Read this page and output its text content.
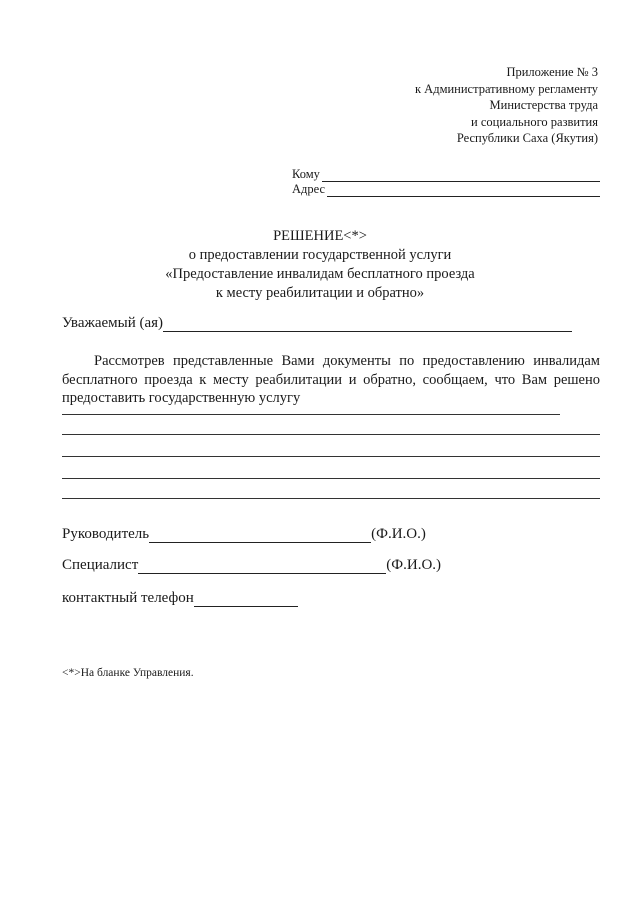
Приложение № 3
к Административному регламенту
Министерства труда
и социального развития
Республики Саха (Якутия)
Кому
Адрес
РЕШЕНИЕ<*>
о предоставлении государственной услуги
«Предоставление инвалидам бесплатного проезда
к месту реабилитации и обратно»
Уважаемый (ая)
Рассмотрев представленные Вами документы по предоставлению инвалидам бесплатного проезда к месту реабилитации и обратно, сообщаем, что Вам решено предоставить государственную услугу
Руководитель	(Ф.И.О.)
Специалист	(Ф.И.О.)
контактный телефон
<*>На бланке Управления.
